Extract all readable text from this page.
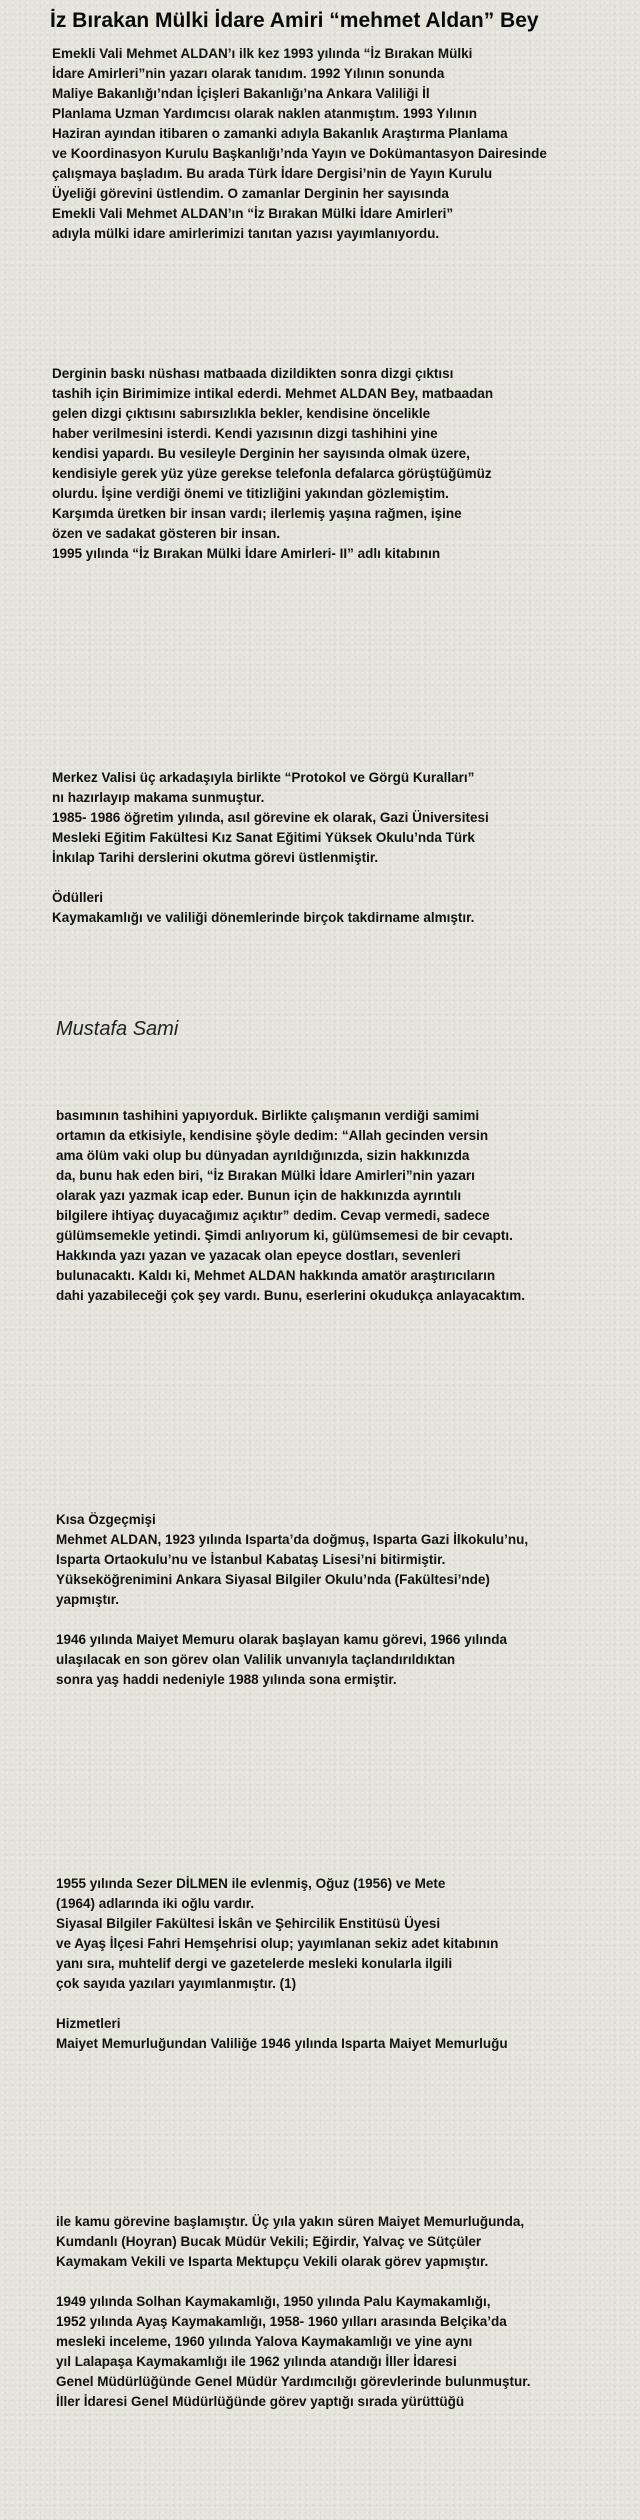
İz Bırakan Mülki İdare Amiri “mehmet Aldan” Bey
Emekli Vali Mehmet ALDAN’ı ilk kez 1993 yılında “İz Bırakan Mülki
İdare Amirleri”nin yazarı olarak tanıdım. 1992 Yılının sonunda
Maliye Bakanlığı’ndan İçişleri Bakanlığı’na Ankara Valiliği İl
Planlama Uzman Yardımcısı olarak naklen atanmıştım. 1993 Yılının
Haziran ayından itibaren o zamanki adıyla Bakanlık Araştırma Planlama
ve Koordinasyon Kurulu Başkanlığı’nda Yayın ve Dokümantasyon Dairesinde
çalışmaya başladım. Bu arada Türk İdare Dergisi’nin de Yayın Kurulu
Üyeliği görevini üstlendim. O zamanlar Derginin her sayısında
Emekli Vali Mehmet ALDAN’ın “İz Bırakan Mülki İdare Amirleri”
adıyla mülki idare amirlerimizi tanıtan yazısı yayımlanıyordu.
Derginin baskı nüshası matbaada dizildikten sonra dizgi çıktısı
tashih için Birimimize intikal ederdi. Mehmet ALDAN Bey, matbaadan
gelen dizgi çıktısını sabırsızlıkla bekler, kendisine öncelikle
haber verilmesini isterdi. Kendi yazısının dizgi tashihini yine
kendisi yapardı. Bu vesileyle Derginin her sayısında olmak üzere,
kendisiyle gerek yüz yüze gerekse telefonla defalarca görüştüğümüz
olurdu. İşine verdiği önemi ve titizliğini yakından gözlemiştim.
Karşımda üretken bir insan vardı; ilerlemiş yaşına rağmen, işine
özen ve sadakat gösteren bir insan.
1995 yılında “İz Bırakan Mülki İdare Amirleri- II” adlı kitabının
Merkez Valisi üç arkadaşıyla birlikte “Protokol ve Görgü Kuralları”
nı hazırlayıp makama sunmuştur.
1985- 1986 öğretim yılında, asıl görevine ek olarak, Gazi Üniversitesi
Mesleki Eğitim Fakültesi Kız Sanat Eğitimi Yüksek Okulu’nda Türk
İnkılap Tarihi derslerini okutma görevi üstlenmiştir.
Ödülleri
Kaymakamlığı ve valiliği dönemlerinde birçok takdirname almıştır.

Mustafa Sami

basımının tashihini yapıyorduk. Birlikte çalışmanın verdiği samimi
ortamın da etkisiyle, kendisine şöyle dedim: “Allah gecinden versin
ama ölüm vaki olup bu dünyadan ayrıldığınızda, sizin hakkınızda
da, bunu hak eden biri, “İz Bırakan Mülki İdare Amirleri”nin yazarı
olarak yazı yazmak icap eder. Bunun için de hakkınızda ayrıntılı
bilgilere ihtiyaç duyacağımız açıktır” dedim. Cevap vermedi, sadece
gülümsemekle yetindi. Şimdi anlıyorum ki, gülümsemesi de bir cevaptı.
Hakkında yazı yazan ve yazacak olan epeyce dostları, sevenleri
bulunacaktı. Kaldı ki, Mehmet ALDAN hakkında amatör araştırıcıların
dahi yazabileceği çok şey vardı. Bunu, eserlerini okudukça anlayacaktım.
Kısa Özgeçmişi
Mehmet ALDAN, 1923 yılında Isparta’da doğmuş, Isparta Gazi İlkokulu’nu,
Isparta Ortaokulu’nu ve İstanbul Kabataş Lisesi’ni bitirmiştir.
Yükseköğrenimini Ankara Siyasal Bilgiler Okulu’nda (Fakültesi’nde)
yapmıştır.
1946 yılında Maiyet Memuru olarak başlayan kamu görevi, 1966 yılında
ulaşılacak en son görev olan Valilik unvanıyla taçlandırıldıktan
sonra yaş haddi nedeniyle 1988 yılında sona ermiştir.
1955 yılında Sezer DİLMEN ile evlenmiş, Oğuz (1956) ve Mete
(1964) adlarında iki oğlu vardır.
Siyasal Bilgiler Fakültesi İskân ve Şehircilik Enstitüsü Üyesi
ve Ayaş İlçesi Fahri Hemşehrisi olup; yayımlanan sekiz adet kitabının
yanı sıra, muhtelif dergi ve gazetelerde mesleki konularla ilgili
çok sayıda yazıları yayımlanmıştır. (1)
Hizmetleri
Maiyet Memurluğundan Valiliğe 1946 yılında Isparta Maiyet Memurluğu
ile kamu görevine başlamıştır. Üç yıla yakın süren Maiyet Memurluğunda,
Kumdanlı (Hoyran) Bucak Müdür Vekili; Eğirdir, Yalvaç ve Sütçüler
Kaymakam Vekili ve Isparta Mektupçu Vekili olarak görev yapmıştır.
1949 yılında Solhan Kaymakamlığı, 1950 yılında Palu Kaymakamlığı,
1952 yılında Ayaş Kaymakamlığı, 1958- 1960 yılları arasında Belçika’da
mesleki inceleme, 1960 yılında Yalova Kaymakamlığı ve yine aynı
yıl Lalapaşa Kaymakamlığı ile 1962 yılında atandığı İller İdaresi
Genel Müdürlüğünde Genel Müdür Yardımcılığı görevlerinde bulunmuştur.
İller İdaresi Genel Müdürlüğünde görev yaptığı sırada yürüttüğü
